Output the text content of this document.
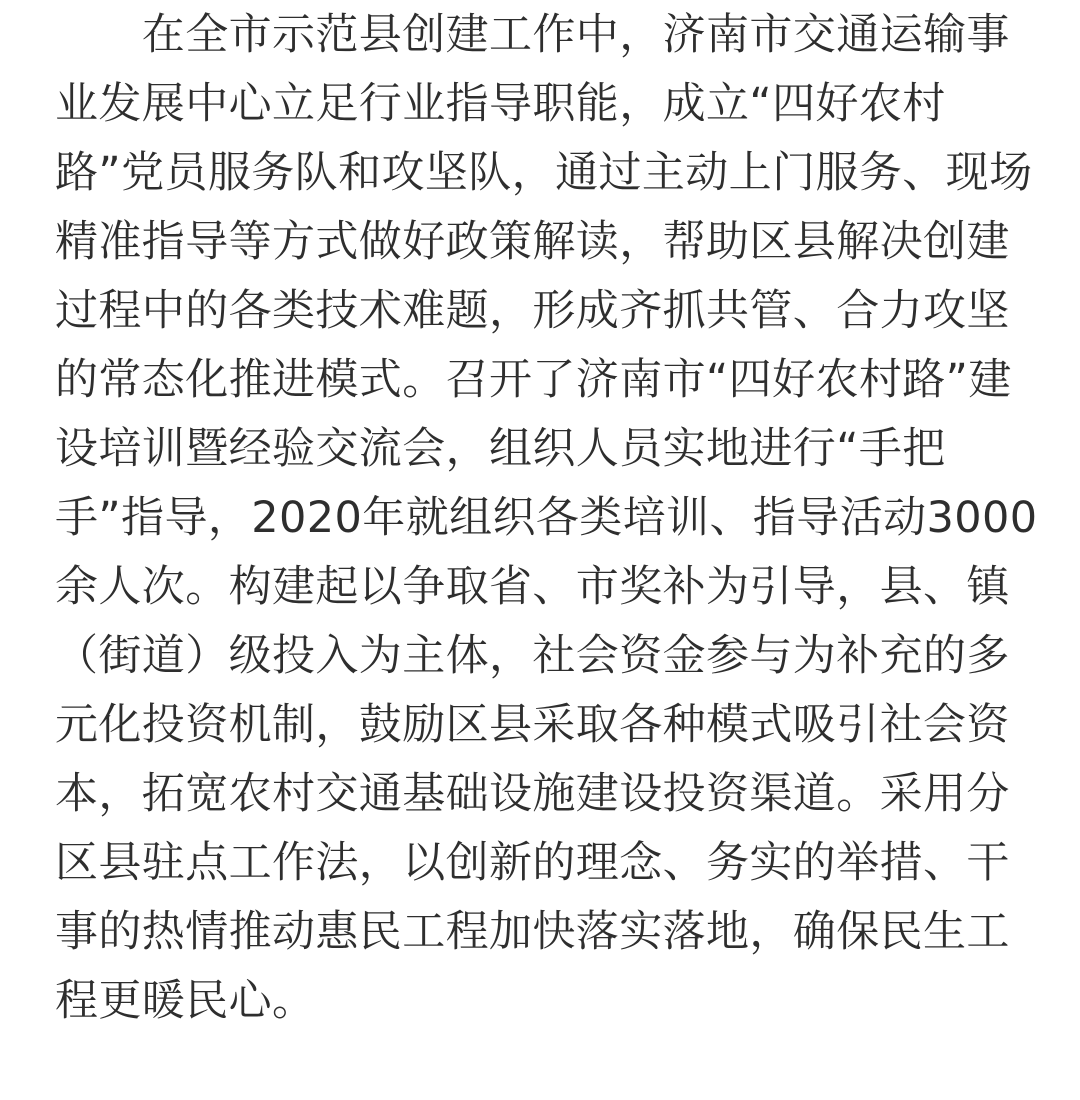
　　在全市示范县创建工作中，济南市交通运输事
业发展中心立足行业指导职能，成立“四好农村
路”党员服务队和攻坚队，通过主动上门服务、现场
精准指导等方式做好政策解读，帮助区县解决创建
过程中的各类技术难题，形成齐抓共管、合力攻坚
的常态化推进模式。召开了济南市“四好农村路”建
设培训暨经验交流会，组织人员实地进行“手把
手”指导，2020年就组织各类培训、指导活动3000
余人次。构建起以争取省、市奖补为引导，县、镇
（街道）级投入为主体，社会资金参与为补充的多
元化投资机制，鼓励区县采取各种模式吸引社会资
本，拓宽农村交通基础设施建设投资渠道。采用分
区县驻点工作法，以创新的理念、务实的举措、干
事的热情推动惠民工程加快落实落地，确保民生工
程更暖民心。
